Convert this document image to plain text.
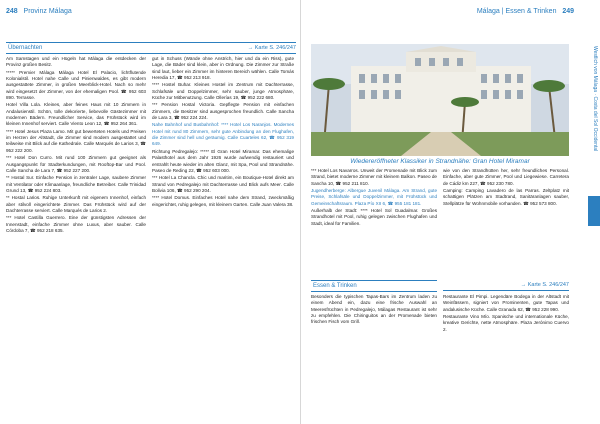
248 Provinz Málaga
Übernachten	→ Karte S. 246/247

Am Samstagen und ein Hügeln hat Málaga die entdecken der Provinz großen Besitz.

***** Premier Málaga Málaga Hotel El Palacio, lichtflutende Kolonialstil. Hotel nahe Calle und Pinienwaldes, es gibt modern ausgestattete Zimmer, in großen Meerblick-Hotel. Nach so mehr wird eingesetzt der Zimmer, von der ehemaligen Pool. ☎ 952 603 890. Terrasse.

Hotel Villa Lola. Kleines, aber feines Haus mit 10 Zimmern in Andalusienstil. Schön, tolle dekorierte, liebevolle Gästezimmer mit modernen Bädern. Freundlicher Service, das Frühstück wird im kleinen Innenhof serviert. Calle Viento Leon 12, ☎ 952 264 361.

**** Hotel Jesus Plaza Lamo. Mit gut bewerteten Hotels und Preisen im Herzen der Altstadt, die Zimmer sind modern ausgestattet und teilweise mit Blick auf die Kathedrale. Calle Marqués de Larios 3, ☎ 952 222 200.

*** Hotel Don Curro. Mit rund 100 Zimmern gut geeignet als Ausgangspunkt für Stadterkundungen, mit Rooftop-Bar und Pool. Calle Sancha de Lara 7, ☎ 952 227 200.

** Hostal Sur. Einfache Pension in zentraler Lage, saubere Zimmer mit Ventilator oder Klimaanlage, freundliche Betreiber. Calle Trinidad Grund 13, ☎ 952 224 803.

** Hostal Larios. Ruhige Unterkunft mit eigenem Innenhof, einfach aber stilvoll eingerichtete Zimmer. Das Frühstück wird auf der Dachterrasse serviert. Calle Marqués de Larios 2.

*** Hotel Castilla Guerrero. Eine der günstigsten Adressen der Innenstadt, einfache Zimmer ohne Luxus, aber sauber. Calle Córdoba 7, ☎ 952 218 635.

gut in Schuss (Wände ohne Anstrich, hier und da ein Riss), gute Lage, die Bäder sind klein, aber in Ordnung. Die Zimmer zur Straße sind laut, lieber ein Zimmer im hinteren Bereich wählen. Calle Tomás Heredia 17, ☎ 952 213 918.

**** Hostel Buhar. Kleines Hostel im Zentrum mit Dachterrasse, Schlafsäle und Doppelzimmer, sehr sauber, junge Atmosphäre, Küche zur Mitbenutzung. Calle Ollerías 19, ☎ 952 222 680.

*** Pension Hostal Victoria. Gepflegte Pension mit einfachen Zimmern, die Besitzer sind ausgesprochen freundlich. Calle Sancha de Lara 3, ☎ 952 224 224.

Nahe Bahnhof und Busbahnhof: **** Hotel Los Naranjos. Modernes Hotel mit rund 80 Zimmern, sehr gute Anbindung an den Flughafen, die Zimmer sind hell und geräumig. Calle Cuarteles 62, ☎ 952 319 649.

Richtung Pedregalejo: ***** El Gran Hotel Miramar. Das ehemalige Palasthotel aus dem Jahr 1926 wurde aufwendig restauriert und erstrahlt heute wieder im alten Glanz, mit Spa, Pool und Strandnähe. Paseo de Reding 22, ☎ 952 603 000.

*** Hotel La Chancla. Chic und maritim, ein Boutique-Hotel direkt am Strand von Pedregalejo mit Dachterrasse und Blick aufs Meer. Calle Bolivia 106, ☎ 952 290 204.

**** Hotel Domus. Einfaches Hotel nahe dem Strand, zweckmäßig eingerichtet, ruhig gelegen, mit kleinem Garten. Calle Juan Valera 38.

Málaga | Essen & Trinken 249
Wiedereröffneter Klassiker in Strandnähe: Gran Hotel Miramar

*** Hotel Los Navarros. Unweit der Promenade mit Blick zum Strand, bietet moderne Zimmer mit kleinem Balkon. Paseo de Sancha 10, ☎ 952 211 810.

Jugendherberge: Albergue Juvenil Málaga. Am Strand, gute Preise, Schlafsäle und Doppelzimmer, mit Frühstück und Gemeinschaftsraum. Plaza Pío XII 6, ☎ 955 181 181.

Außerhalb der Stadt: **** Hotel Sol Guadalmar. Großes Strandhotel mit Pool, ruhig gelegen zwischen Flughafen und Stadt, ideal für Familien.

wie von den Strandhütten her, sehr freundliches Personal. Einfache, aber gute Zimmer, Pool und Liegewiese. Carretera de Cádiz km 227, ☎ 952 230 780.

Camping: Camping Lavadero de las Parras. Zeltplatz mit schattigen Plätzen am Stadtrand, Sanitäranlagen sauber, Stellplätze für Wohnmobile vorhanden. ☎ 952 573 800.

Essen & Trinken	→ Karte S. 246/247

Besonders die typischen Tapas-Bars im Zentrum laden zu einem Abend ein, dazu eine frische Auswahl an Meeresfrüchten in Pedregalejo, Málagas Restaurant ist sehr zu empfehlen. Die Chiringuitos an der Promenade bieten frischen Fisch vom Grill.

Restaurante El Pimpi. Legendäre Bodega in der Altstadt mit Weinfässern, signiert von Prominenten, gute Tapas und andalusische Küche. Calle Granada 62, ☎ 952 228 990.

Restaurante Vino Mío. Spanische und internationale Küche, kreative Gerichte, nette Atmosphäre. Plaza Jerónimo Cuervo 2.

Westlich von Málaga · Costa del Sol Occidental
